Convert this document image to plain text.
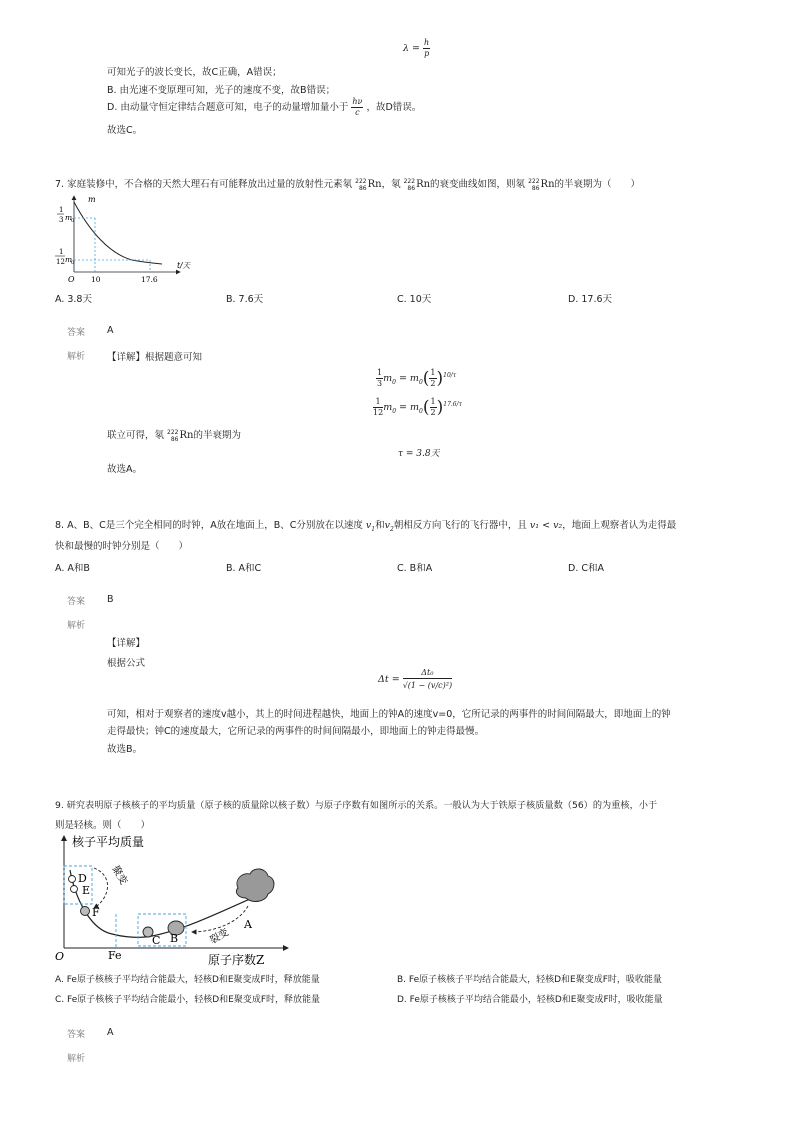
$\lambda = \frac{h}{p}$
可知光子的波长变长，故C正确，A错误；
B. 由光速不变原理可知，光子的速度不变，故B错误；
D. 由动量守恒定律结合题意可知，电子的动量增加量小于 $\frac{h\nu}{c}$ ，故D错误。
故选C。
7. 家庭装修中，不合格的天然大理石有可能释放出过量的放射性元素氡 222
86 Rn，氡 222
86 Rn的衰变曲线如图，则氡 222
86 Rn的半衰期为（　　）
m
t/天
O 10	17.6
1
3 m
0
1
12 m
0
A. 3.8天	B. 7.6天	C. 10天	D. 17.6天
答案 A
解析 【详解】根据题意可知
$\frac{1}{3} m_0 = m_0( \frac{1}{2} )^{10/\tau}$
$\frac{1}{12} m_0 = m_0( \frac{1}{2} )^{17.6/\tau}$
联立可得，氡 222
86 Rn的半衰期为
τ = 3.8天
故选A。
8. A、B、C是三个完全相同的时钟，A放在地面上，B、C分别放在以速度 $v_1$和$v_2$朝相反方向飞行的飞行器中，且 v₁ < v₂，地面上观察者认为走得最
快和最慢的时钟分别是（　　）
A. A和B	B. A和C	C. B和A	D. C和A
答案 B
解析
【详解】
根据公式
$\Delta t = \frac{\text{Δt₀}}{\text{√(1 − (v/c)²)}}$
可知，相对于观察者的速度v越小，其上的时间进程越快，地面上的钟A的速度v=0，它所记录的两事件的时间间隔最大，即地面上的钟
走得最快；钟C的速度最大，它所记录的两事件的时间间隔最小，即地面上的钟走得最慢。
故选B。
9. 研究表明原子核核子的平均质量（原子核的质量除以核子数）与原子序数有如图所示的关系。一般认为大于铁原子核质量数（56）的为重核，小于
则是轻核。则（　　）
核子平均质量
原子序数Z
O	Fe
D
E
F
C B
A
聚变
裂变
A. Fe原子核核子平均结合能最大，轻核D和E聚变成F时，释放能量	B. Fe原子核核子平均结合能最大，轻核D和E聚变成F时，吸收能量
C. Fe原子核核子平均结合能最小，轻核D和E聚变成F时，释放能量	D. Fe原子核核子平均结合能最小，轻核D和E聚变成F时，吸收能量
答案 A
解析
